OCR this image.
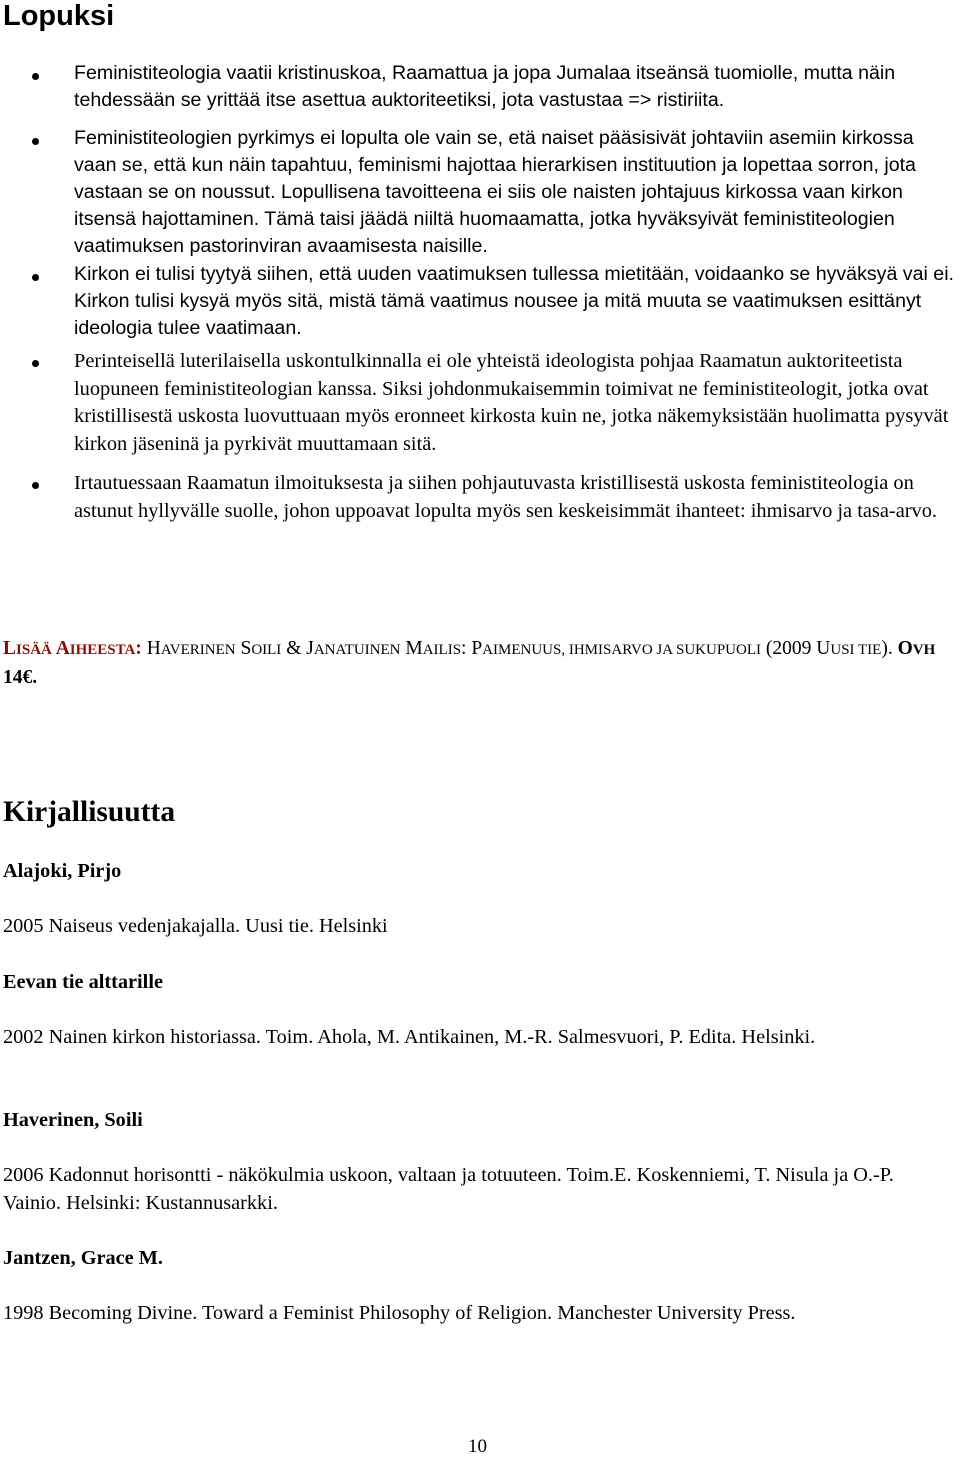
Lopuksi
Feministiteologia vaatii kristinuskoa, Raamattua ja jopa Jumalaa itseänsä tuomiolle, mutta näin tehdessään se yrittää itse asettua auktoriteetiksi, jota vastustaa => ristiriita.
Feministiteologien pyrkimys ei lopulta ole vain se, etä naiset pääsisivät johtaviin asemiin kirkossa vaan se, että kun näin tapahtuu, feminismi hajottaa hierarkisen instituution ja lopettaa sorron, jota vastaan se on noussut. Lopullisena tavoitteena ei siis ole naisten johtajuus kirkossa vaan kirkon itsensä hajottaminen. Tämä taisi jäädä niiltä huomaamatta, jotka hyväksyivät feministiteologien vaatimuksen pastorinviran avaamisesta naisille.
Kirkon ei tulisi tyytyä siihen, että uuden vaatimuksen tullessa mietitään, voidaanko se hyväksyä vai ei. Kirkon tulisi kysyä myös sitä, mistä tämä vaatimus nousee ja mitä muuta se vaatimuksen esittänyt ideologia tulee vaatimaan.
Perinteisellä luterilaisella uskontulkinnalla ei ole yhteistä ideologista pohjaa Raamatun auktoriteetista luopuneen feministiteologian kanssa. Siksi johdonmukaisemmin toimivat ne feministiteologit, jotka ovat kristillisestä uskosta luovuttuaan myös eronneet kirkosta kuin ne, jotka näkemyksistään huolimatta pysyvät kirkon jäseninä ja pyrkivät muuttamaan sitä.
Irtautuessaan Raamatun ilmoituksesta ja siihen pohjautuvasta kristillisestä uskosta feministiteologia on astunut hyllyvälle suolle, johon uppoavat lopulta myös sen keskeisimmät ihanteet: ihmisarvo ja tasa-arvo.
LISÄÄ AIHEESTA: HAVERINEN SOILI & JANATUINEN MAILIS: PAIMENUUS, IHMISARVO JA SUKUPUOLI (2009 UUSI TIE). OVH 14€.
Kirjallisuutta
Alajoki, Pirjo
2005 Naiseus vedenjakajalla. Uusi tie. Helsinki
Eevan tie alttarille
2002 Nainen kirkon historiassa. Toim. Ahola, M. Antikainen, M.-R. Salmesvuori, P. Edita. Helsinki.
Haverinen, Soili
2006 Kadonnut horisontti - näkökulmia uskoon, valtaan ja totuuteen. Toim.E. Koskenniemi, T. Nisula ja O.-P. Vainio. Helsinki: Kustannusarkki.
Jantzen, Grace M.
1998 Becoming Divine. Toward a Feminist Philosophy of Religion. Manchester University Press.
10
